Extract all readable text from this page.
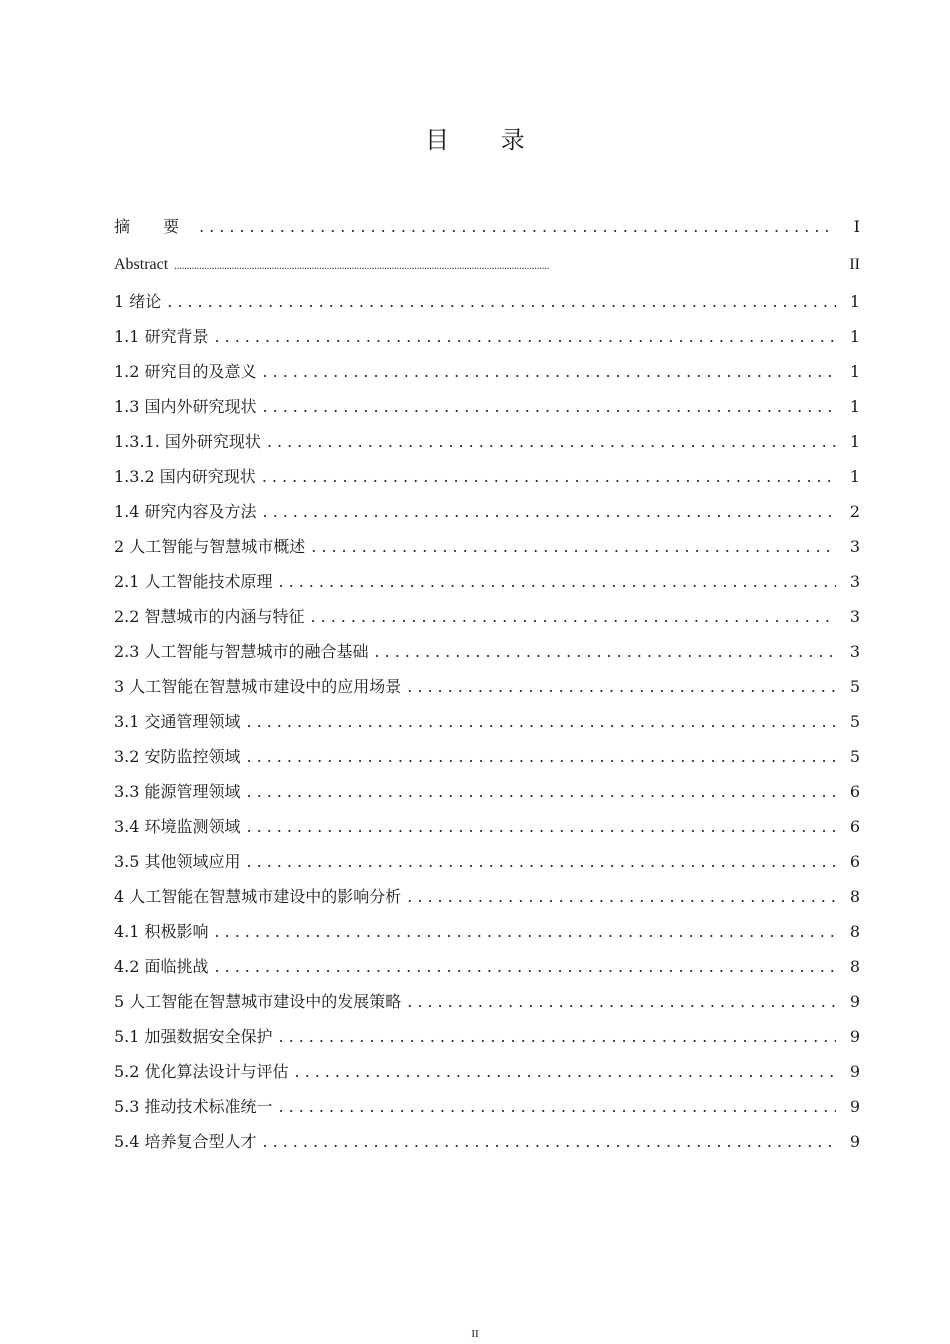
目 录
摘 要 .....	I
Abstract .....	II
1 绪论 .....	1
1.1 研究背景 .....	1
1.2 研究目的及意义 .....	1
1.3 国内外研究现状 .....	1
1.3.1. 国外研究现状 .....	1
1.3.2 国内研究现状 .....	1
1.4 研究内容及方法 .....	2
2 人工智能与智慧城市概述 .....	3
2.1 人工智能技术原理 .....	3
2.2 智慧城市的内涵与特征 .....	3
2.3 人工智能与智慧城市的融合基础 .....	3
3 人工智能在智慧城市建设中的应用场景 .....	5
3.1 交通管理领域 .....	5
3.2 安防监控领域 .....	5
3.3 能源管理领域 .....	6
3.4 环境监测领域 .....	6
3.5 其他领域应用 .....	6
4 人工智能在智慧城市建设中的影响分析 .....	8
4.1 积极影响 .....	8
4.2 面临挑战 .....	8
5 人工智能在智慧城市建设中的发展策略 .....	9
5.1 加强数据安全保护 .....	9
5.2 优化算法设计与评估 .....	9
5.3 推动技术标准统一 .....	9
5.4 培养复合型人才 .....	9
II
